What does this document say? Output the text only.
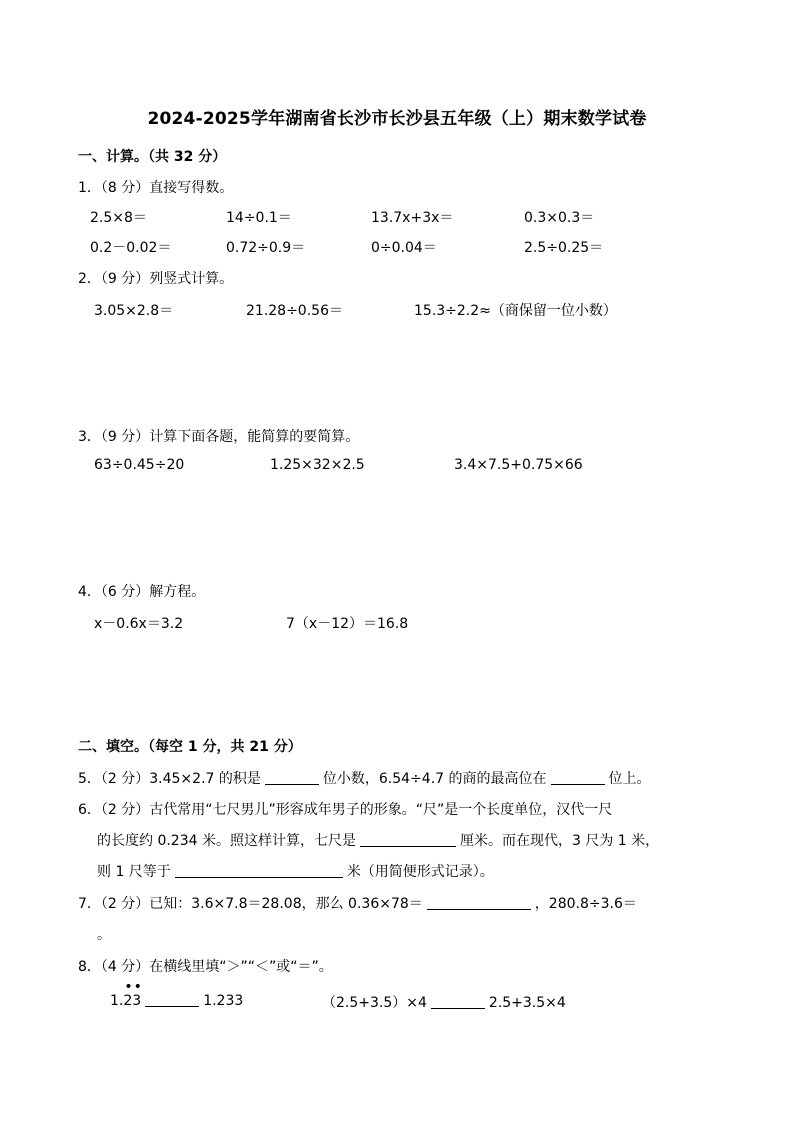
2024-2025学年湖南省长沙市长沙县五年级（上）期末数学试卷
一、计算。（共 32 分）
1．（8 分）直接写得数。
2.5×8＝	14÷0.1＝	13.7x+3x＝	0.3×0.3＝
0.2－0.02＝	0.72÷0.9＝	0÷0.04＝	2.5÷0.25＝
2．（9 分）列竖式计算。
3.05×2.8＝	21.28÷0.56＝	15.3÷2.2≈（商保留一位小数）
3．（9 分）计算下面各题，能简算的要简算。
63÷0.45÷20	1.25×32×2.5	3.4×7.5+0.75×66
4．（6 分）解方程。
x－0.6x＝3.2	7（x－12）＝16.8
二、填空。（每空 1 分，共 21 分）
5．（2 分）3.45×2.7 的积是	位小数，6.54÷4.7 的商的最高位在	位上。
6．（2 分）古代常用“七尺男儿”形容成年男子的形象。“尺”是一个长度单位，汉代一尺
的长度约 0.234 米。照这样计算，七尺是	厘米。而在现代，3 尺为 1 米，
则 1 尺等于	米（用简便形式记录）。
7．（2 分）已知：3.6×7.8＝28.08，那么 0.36×78＝	，280.8÷3.6＝
。
8．（4 分）在横线里填“＞”“＜”或“＝”。
1.
••
23	1.233	（2.5+3.5）×4	2.5+3.5×4
